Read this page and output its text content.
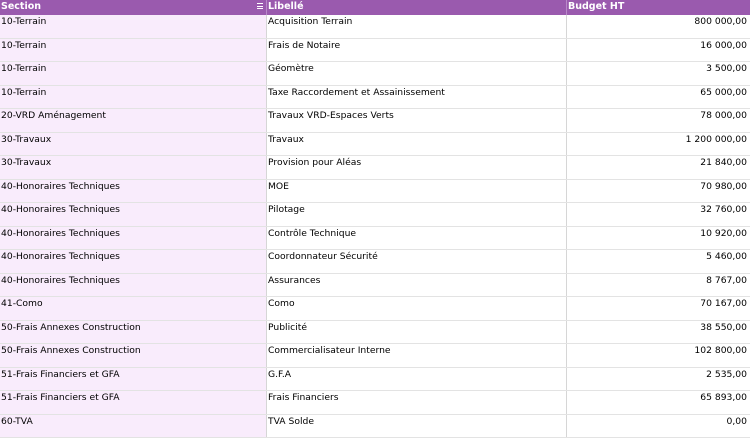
Section	Libellé	Budget HT
10-Terrain	Acquisition Terrain	800 000,00
10-Terrain	Frais de Notaire	16 000,00
10-Terrain	Géomètre	3 500,00
10-Terrain	Taxe Raccordement et Assainissement	65 000,00
20-VRD Aménagement	Travaux VRD-Espaces Verts	78 000,00
30-Travaux	Travaux	1 200 000,00
30-Travaux	Provision pour Aléas	21 840,00
40-Honoraires Techniques	MOE	70 980,00
40-Honoraires Techniques	Pilotage	32 760,00
40-Honoraires Techniques	Contrôle Technique	10 920,00
40-Honoraires Techniques	Coordonnateur Sécurité	5 460,00
40-Honoraires Techniques	Assurances	8 767,00
41-Como	Como	70 167,00
50-Frais Annexes Construction	Publicité	38 550,00
50-Frais Annexes Construction	Commercialisateur Interne	102 800,00
51-Frais Financiers et GFA	G.F.A	2 535,00
51-Frais Financiers et GFA	Frais Financiers	65 893,00
60-TVA	TVA Solde	0,00
